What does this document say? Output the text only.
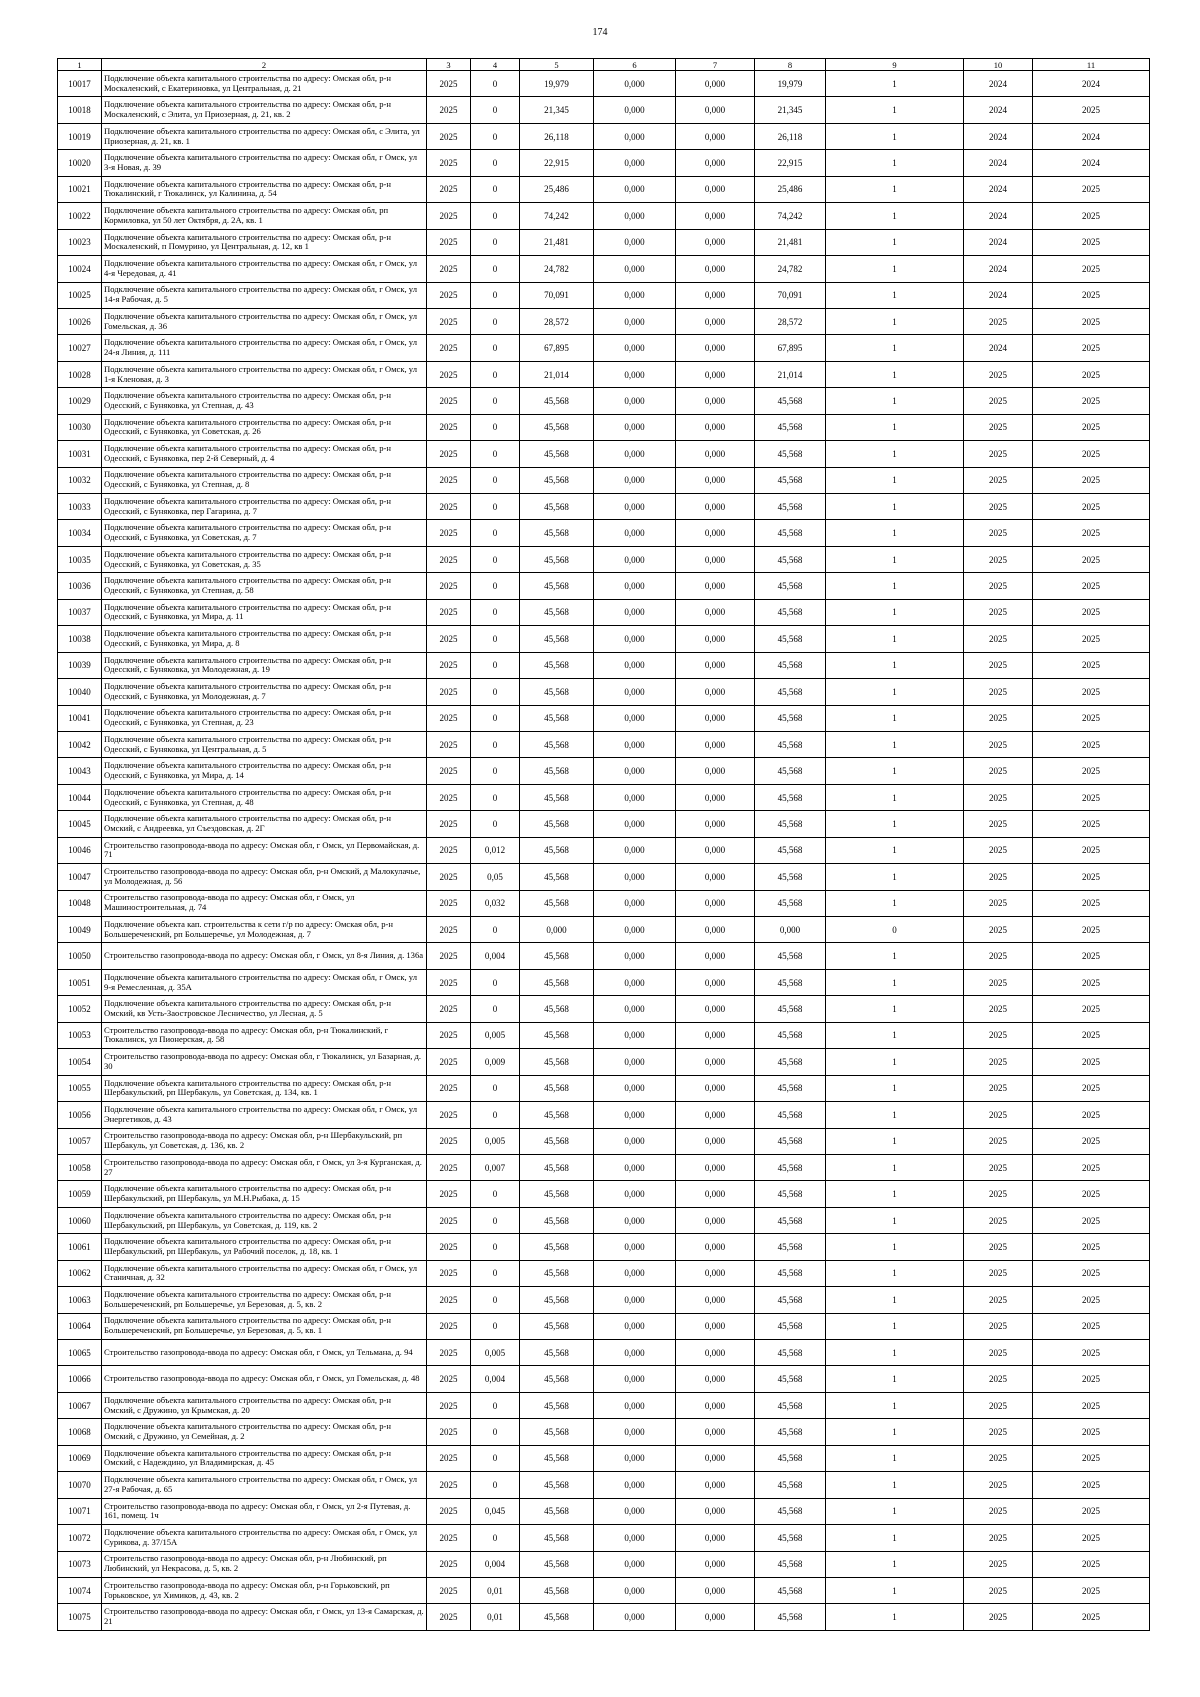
174
1	2	3	4	5	6	7	8	9	10	11
10017	Подключение объекта капитального строительства по адресу: Омская обл, р-н Москаленский, с Екатериновка, ул Центральная, д. 21	2025	0	19,979	0,000	0,000	19,979	1	2024	2024
10018	Подключение объекта капитального строительства по адресу: Омская обл, р-н Москаленский, с Элита, ул Приозерная, д. 21, кв. 2	2025	0	21,345	0,000	0,000	21,345	1	2024	2025
10019	Подключение объекта капитального строительства по адресу: Омская обл, с Элита, ул Приозерная, д. 21, кв. 1	2025	0	26,118	0,000	0,000	26,118	1	2024	2024
10020	Подключение объекта капитального строительства по адресу: Омская обл, г Омск, ул 3-я Новая, д. 39	2025	0	22,915	0,000	0,000	22,915	1	2024	2024
10021	Подключение объекта капитального строительства по адресу: Омская обл, р-н Тюкалинский, г Тюкалинск, ул Калинина, д. 54	2025	0	25,486	0,000	0,000	25,486	1	2024	2025
10022	Подключение объекта капитального строительства по адресу: Омская обл, рп Кормиловка, ул 50 лет Октября, д. 2А, кв. 1	2025	0	74,242	0,000	0,000	74,242	1	2024	2025
10023	Подключение объекта капитального строительства по адресу: Омская обл, р-н Москаленский, п Помурино, ул Центральная, д. 12, кв 1	2025	0	21,481	0,000	0,000	21,481	1	2024	2025
10024	Подключение объекта капитального строительства по адресу: Омская обл, г Омск, ул 4-я Чередовая, д. 41	2025	0	24,782	0,000	0,000	24,782	1	2024	2025
10025	Подключение объекта капитального строительства по адресу: Омская обл, г Омск, ул 14-я Рабочая, д. 5	2025	0	70,091	0,000	0,000	70,091	1	2024	2025
10026	Подключение объекта капитального строительства по адресу: Омская обл, г Омск, ул Гомельская, д. 36	2025	0	28,572	0,000	0,000	28,572	1	2025	2025
10027	Подключение объекта капитального строительства по адресу: Омская обл, г Омск, ул 24-я Линия, д. 111	2025	0	67,895	0,000	0,000	67,895	1	2024	2025
10028	Подключение объекта капитального строительства по адресу: Омская обл, г Омск, ул 1-я Кленовая, д. 3	2025	0	21,014	0,000	0,000	21,014	1	2025	2025
10029	Подключение объекта капитального строительства по адресу: Омская обл, р-н Одесский, с Буняковка, ул Степная, д. 43	2025	0	45,568	0,000	0,000	45,568	1	2025	2025
10030	Подключение объекта капитального строительства по адресу: Омская обл, р-н Одесский, с Буняковка, ул Советская, д. 26	2025	0	45,568	0,000	0,000	45,568	1	2025	2025
10031	Подключение объекта капитального строительства по адресу: Омская обл, р-н Одесский, с Буняковка, пер 2-й Северный, д. 4	2025	0	45,568	0,000	0,000	45,568	1	2025	2025
10032	Подключение объекта капитального строительства по адресу: Омская обл, р-н Одесский, с Буняковка, ул Степная, д. 8	2025	0	45,568	0,000	0,000	45,568	1	2025	2025
10033	Подключение объекта капитального строительства по адресу: Омская обл, р-н Одесский, с Буняковка, пер Гагарина, д. 7	2025	0	45,568	0,000	0,000	45,568	1	2025	2025
10034	Подключение объекта капитального строительства по адресу: Омская обл, р-н Одесский, с Буняковка, ул Советская, д. 7	2025	0	45,568	0,000	0,000	45,568	1	2025	2025
10035	Подключение объекта капитального строительства по адресу: Омская обл, р-н Одесский, с Буняковка, ул Советская, д. 35	2025	0	45,568	0,000	0,000	45,568	1	2025	2025
10036	Подключение объекта капитального строительства по адресу: Омская обл, р-н Одесский, с Буняковка, ул Степная, д. 58	2025	0	45,568	0,000	0,000	45,568	1	2025	2025
10037	Подключение объекта капитального строительства по адресу: Омская обл, р-н Одесский, с Буняковка, ул Мира, д. 11	2025	0	45,568	0,000	0,000	45,568	1	2025	2025
10038	Подключение объекта капитального строительства по адресу: Омская обл, р-н Одесский, с Буняковка, ул Мира, д. 8	2025	0	45,568	0,000	0,000	45,568	1	2025	2025
10039	Подключение объекта капитального строительства по адресу: Омская обл, р-н Одесский, с Буняковка, ул Молодежная, д. 19	2025	0	45,568	0,000	0,000	45,568	1	2025	2025
10040	Подключение объекта капитального строительства по адресу: Омская обл, р-н Одесский, с Буняковка, ул Молодежная, д. 7	2025	0	45,568	0,000	0,000	45,568	1	2025	2025
10041	Подключение объекта капитального строительства по адресу: Омская обл, р-н Одесский, с Буняковка, ул Степная, д. 23	2025	0	45,568	0,000	0,000	45,568	1	2025	2025
10042	Подключение объекта капитального строительства по адресу: Омская обл, р-н Одесский, с Буняковка, ул Центральная, д. 5	2025	0	45,568	0,000	0,000	45,568	1	2025	2025
10043	Подключение объекта капитального строительства по адресу: Омская обл, р-н Одесский, с Буняковка, ул Мира, д. 14	2025	0	45,568	0,000	0,000	45,568	1	2025	2025
10044	Подключение объекта капитального строительства по адресу: Омская обл, р-н Одесский, с Буняковка, ул Степная, д. 48	2025	0	45,568	0,000	0,000	45,568	1	2025	2025
10045	Подключение объекта капитального строительства по адресу: Омская обл, р-н Омский, с Андреевка, ул Съездовская, д. 2Г	2025	0	45,568	0,000	0,000	45,568	1	2025	2025
10046	Строительство газопровода-ввода по адресу: Омская обл, г Омск, ул Первомайская, д. 71	2025	0,012	45,568	0,000	0,000	45,568	1	2025	2025
10047	Строительство газопровода-ввода по адресу: Омская обл, р-н Омский, д Малокулачье, ул Молодежная, д. 56	2025	0,05	45,568	0,000	0,000	45,568	1	2025	2025
10048	Строительство газопровода-ввода по адресу: Омская обл, г Омск, ул Машиностроительная, д. 74	2025	0,032	45,568	0,000	0,000	45,568	1	2025	2025
10049	Подключение объекта кап. строительства к сети г/р по адресу: Омская обл, р-н Большереченский, рп Большеречье, ул Молодежная, д. 7	2025	0	0,000	0,000	0,000	0,000	0	2025	2025
10050	Строительство газопровода-ввода по адресу: Омская обл, г Омск, ул 8-я Линия, д. 136а	2025	0,004	45,568	0,000	0,000	45,568	1	2025	2025
10051	Подключение объекта капитального строительства по адресу: Омская обл, г Омск, ул 9-я Ремесленная, д. 35А	2025	0	45,568	0,000	0,000	45,568	1	2025	2025
10052	Подключение объекта капитального строительства по адресу: Омская обл, р-н Омский, кв Усть-Заостровское Лесничество, ул Лесная, д. 5	2025	0	45,568	0,000	0,000	45,568	1	2025	2025
10053	Строительство газопровода-ввода по адресу: Омская обл, р-н Тюкалинский, г Тюкалинск, ул Пионерская, д. 58	2025	0,005	45,568	0,000	0,000	45,568	1	2025	2025
10054	Строительство газопровода-ввода по адресу: Омская обл, г Тюкалинск, ул Базарная, д. 30	2025	0,009	45,568	0,000	0,000	45,568	1	2025	2025
10055	Подключение объекта капитального строительства по адресу: Омская обл, р-н Шербакульский, рп Шербакуль, ул Советская, д. 134, кв. 1	2025	0	45,568	0,000	0,000	45,568	1	2025	2025
10056	Подключение объекта капитального строительства по адресу: Омская обл, г Омск, ул Энергетиков, д. 43	2025	0	45,568	0,000	0,000	45,568	1	2025	2025
10057	Строительство газопровода-ввода по адресу: Омская обл, р-н Шербакульский, рп Шербакуль, ул Советская, д. 136, кв. 2	2025	0,005	45,568	0,000	0,000	45,568	1	2025	2025
10058	Строительство газопровода-ввода по адресу: Омская обл, г Омск, ул 3-я Курганская, д. 27	2025	0,007	45,568	0,000	0,000	45,568	1	2025	2025
10059	Подключение объекта капитального строительства по адресу: Омская обл, р-н Шербакульский, рп Шербакуль, ул М.Н.Рыбака, д. 15	2025	0	45,568	0,000	0,000	45,568	1	2025	2025
10060	Подключение объекта капитального строительства по адресу: Омская обл, р-н Шербакульский, рп Шербакуль, ул Советская, д. 119, кв. 2	2025	0	45,568	0,000	0,000	45,568	1	2025	2025
10061	Подключение объекта капитального строительства по адресу: Омская обл, р-н Шербакульский, рп Шербакуль, ул Рабочий поселок, д. 18, кв. 1	2025	0	45,568	0,000	0,000	45,568	1	2025	2025
10062	Подключение объекта капитального строительства по адресу: Омская обл, г Омск, ул Станичная, д. 32	2025	0	45,568	0,000	0,000	45,568	1	2025	2025
10063	Подключение объекта капитального строительства по адресу: Омская обл, р-н Большереченский, рп Большеречье, ул Березовая, д. 5, кв. 2	2025	0	45,568	0,000	0,000	45,568	1	2025	2025
10064	Подключение объекта капитального строительства по адресу: Омская обл, р-н Большереченский, рп Большеречье, ул Березовая, д. 5, кв. 1	2025	0	45,568	0,000	0,000	45,568	1	2025	2025
10065	Строительство газопровода-ввода по адресу: Омская обл, г Омск, ул Тельмана, д. 94	2025	0,005	45,568	0,000	0,000	45,568	1	2025	2025
10066	Строительство газопровода-ввода по адресу: Омская обл, г Омск, ул Гомельская, д. 48	2025	0,004	45,568	0,000	0,000	45,568	1	2025	2025
10067	Подключение объекта капитального строительства по адресу: Омская обл, р-н Омский, с Дружино, ул Крымская, д. 20	2025	0	45,568	0,000	0,000	45,568	1	2025	2025
10068	Подключение объекта капитального строительства по адресу: Омская обл, р-н Омский, с Дружино, ул Семейная, д. 2	2025	0	45,568	0,000	0,000	45,568	1	2025	2025
10069	Подключение объекта капитального строительства по адресу: Омская обл, р-н Омский, с Надеждино, ул Владимирская, д. 45	2025	0	45,568	0,000	0,000	45,568	1	2025	2025
10070	Подключение объекта капитального строительства по адресу: Омская обл, г Омск, ул 27-я Рабочая, д. 65	2025	0	45,568	0,000	0,000	45,568	1	2025	2025
10071	Строительство газопровода-ввода по адресу: Омская обл, г Омск, ул 2-я Путевая, д. 161, помещ. 1ч	2025	0,045	45,568	0,000	0,000	45,568	1	2025	2025
10072	Подключение объекта капитального строительства по адресу: Омская обл, г Омск, ул Сурикова, д. 37/15А	2025	0	45,568	0,000	0,000	45,568	1	2025	2025
10073	Строительство газопровода-ввода по адресу: Омская обл, р-н Любинский, рп Любинский, ул Некрасова, д. 5, кв. 2	2025	0,004	45,568	0,000	0,000	45,568	1	2025	2025
10074	Строительство газопровода-ввода по адресу: Омская обл, р-н Горьковский, рп Горьковское, ул Химиков, д. 43, кв. 2	2025	0,01	45,568	0,000	0,000	45,568	1	2025	2025
10075	Строительство газопровода-ввода по адресу: Омская обл, г Омск, ул 13-я Самарская, д. 21	2025	0,01	45,568	0,000	0,000	45,568	1	2025	2025
